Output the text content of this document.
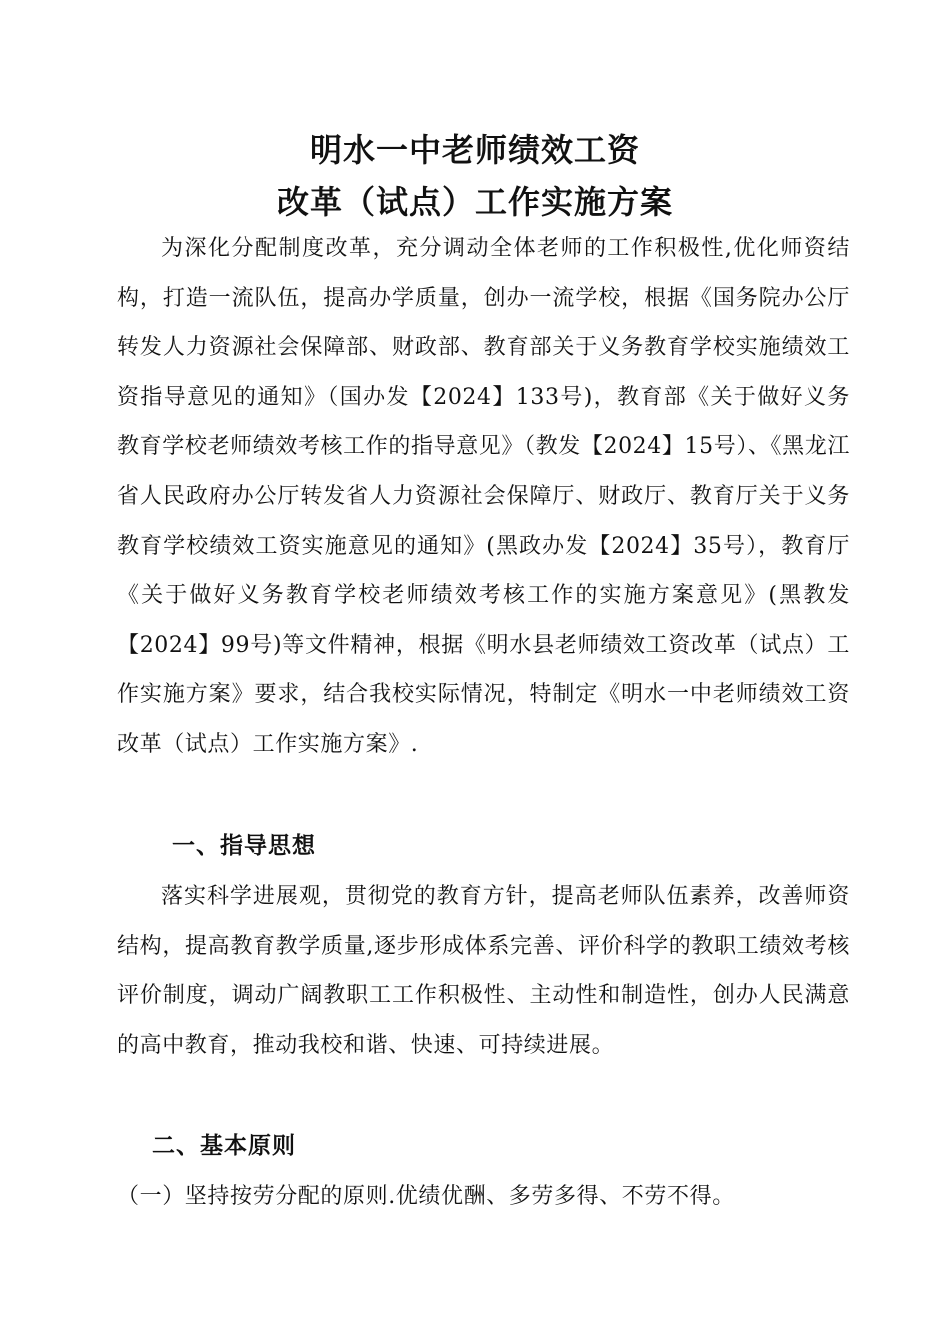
明水一中老师绩效工资
改革（试点）工作实施方案
为深化分配制度改革，充分调动全体老师的工作积极性,优化师资结构，打造一流队伍，提高办学质量，创办一流学校，根据《国务院办公厅转发人力资源社会保障部、财政部、教育部关于义务教育学校实施绩效工资指导意见的通知》（国办发【2024】133号)，教育部《关于做好义务教育学校老师绩效考核工作的指导意见》（教发【2024】15号）、《黑龙江省人民政府办公厅转发省人力资源社会保障厅、财政厅、教育厅关于义务教育学校绩效工资实施意见的通知》(黑政办发【2024】35号），教育厅《关于做好义务教育学校老师绩效考核工作的实施方案意见》(黑教发【2024】99号)等文件精神，根据《明水县老师绩效工资改革（试点）工作实施方案》要求，结合我校实际情况，特制定《明水一中老师绩效工资改革（试点）工作实施方案》.
一、指导思想
落实科学进展观，贯彻党的教育方针，提高老师队伍素养，改善师资结构，提高教育教学质量,逐步形成体系完善、评价科学的教职工绩效考核评价制度，调动广阔教职工工作积极性、主动性和制造性，创办人民满意的高中教育，推动我校和谐、快速、可持续进展。
二、基本原则
（一）坚持按劳分配的原则.优绩优酬、多劳多得、不劳不得。
